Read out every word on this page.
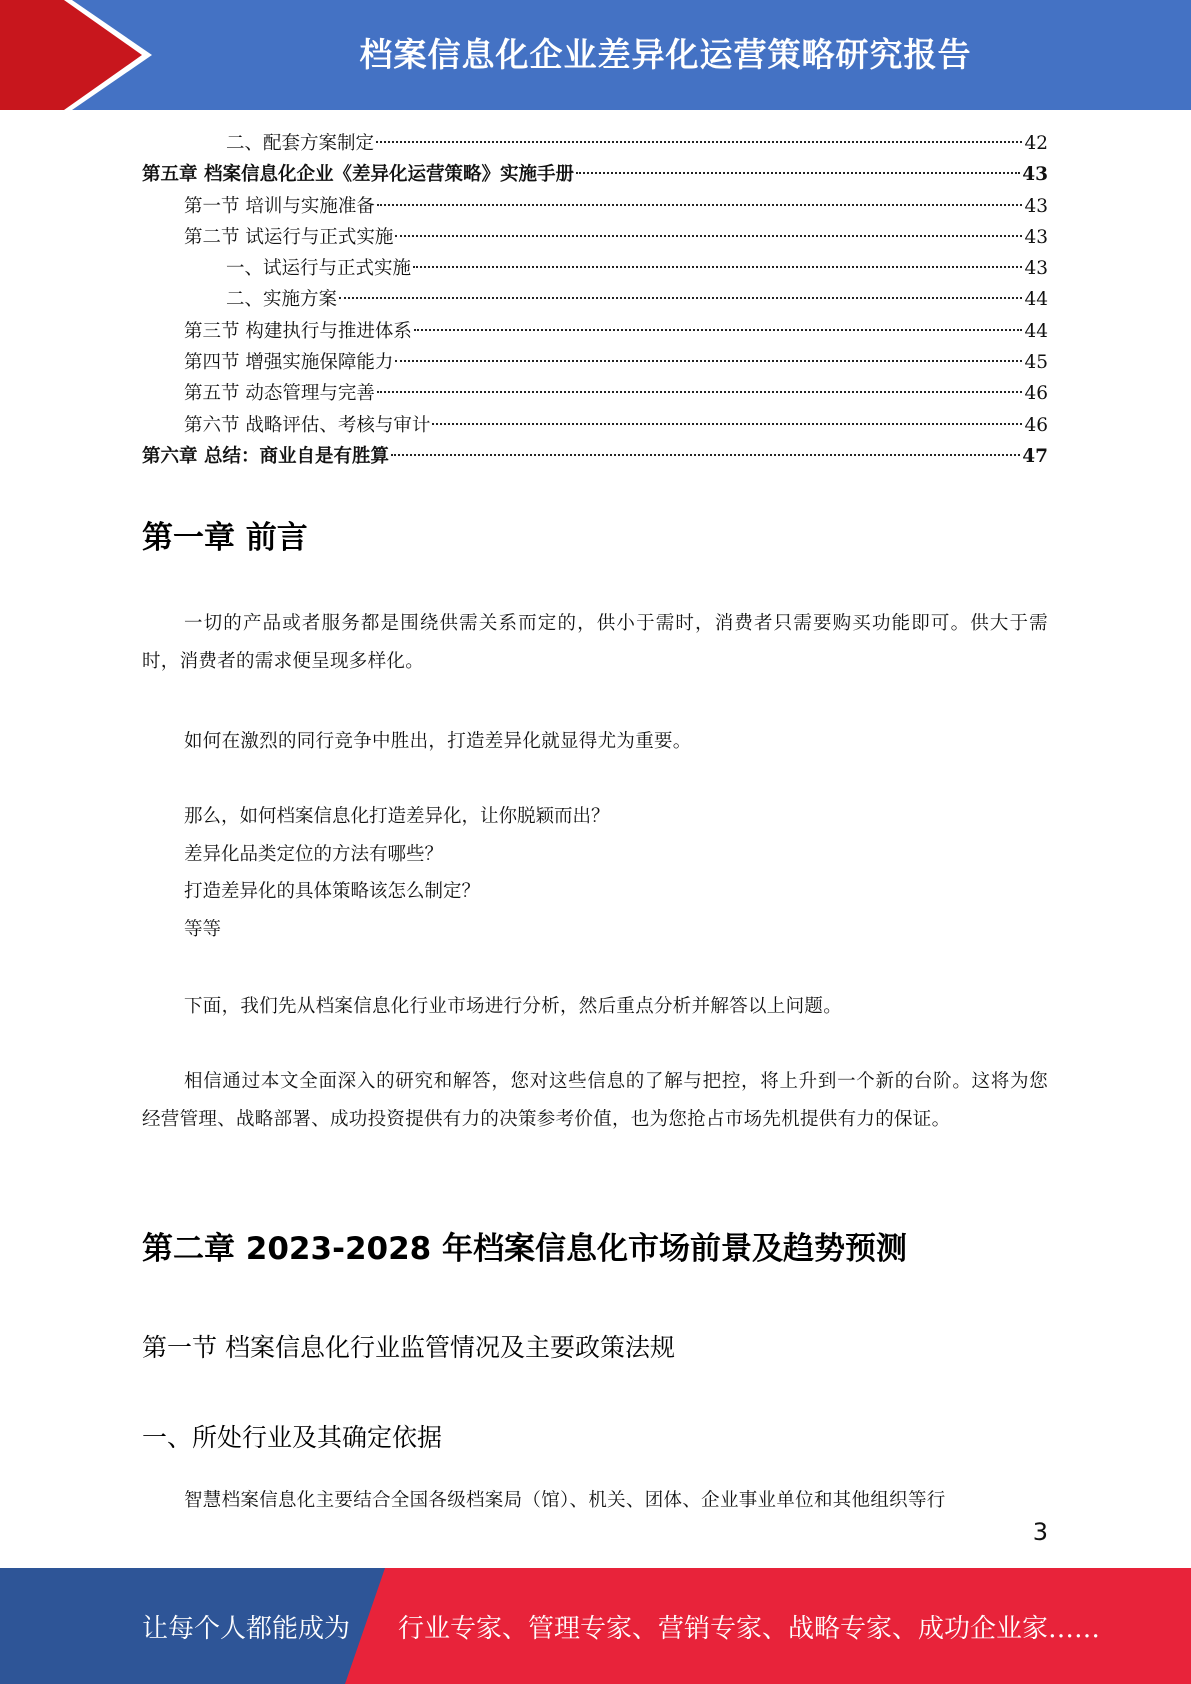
档案信息化企业差异化运营策略研究报告
二、配套方案制定	42
第五章 档案信息化企业《差异化运营策略》实施手册	43
第一节 培训与实施准备	43
第二节 试运行与正式实施	43
一、试运行与正式实施	43
二、实施方案	44
第三节 构建执行与推进体系	44
第四节 增强实施保障能力	45
第五节 动态管理与完善	46
第六节 战略评估、考核与审计	46
第六章 总结：商业自是有胜算	47
第一章 前言

一切的产品或者服务都是围绕供需关系而定的，供小于需时，消费者只需要购买功能即可。供大于需时，消费者的需求便呈现多样化。

如何在激烈的同行竞争中胜出，打造差异化就显得尤为重要。

那么，如何档案信息化打造差异化，让你脱颖而出？
差异化品类定位的方法有哪些？
打造差异化的具体策略该怎么制定？
等等

下面，我们先从档案信息化行业市场进行分析，然后重点分析并解答以上问题。

相信通过本文全面深入的研究和解答，您对这些信息的了解与把控，将上升到一个新的台阶。这将为您经营管理、战略部署、成功投资提供有力的决策参考价值，也为您抢占市场先机提供有力的保证。

第二章 2023-2028 年档案信息化市场前景及趋势预测
第一节 档案信息化行业监管情况及主要政策法规
一、所处行业及其确定依据

智慧档案信息化主要结合全国各级档案局（馆）、机关、团体、企业事业单位和其他组织等行

3
让每个人都能成为 行业专家、管理专家、营销专家、战略专家、成功企业家……
